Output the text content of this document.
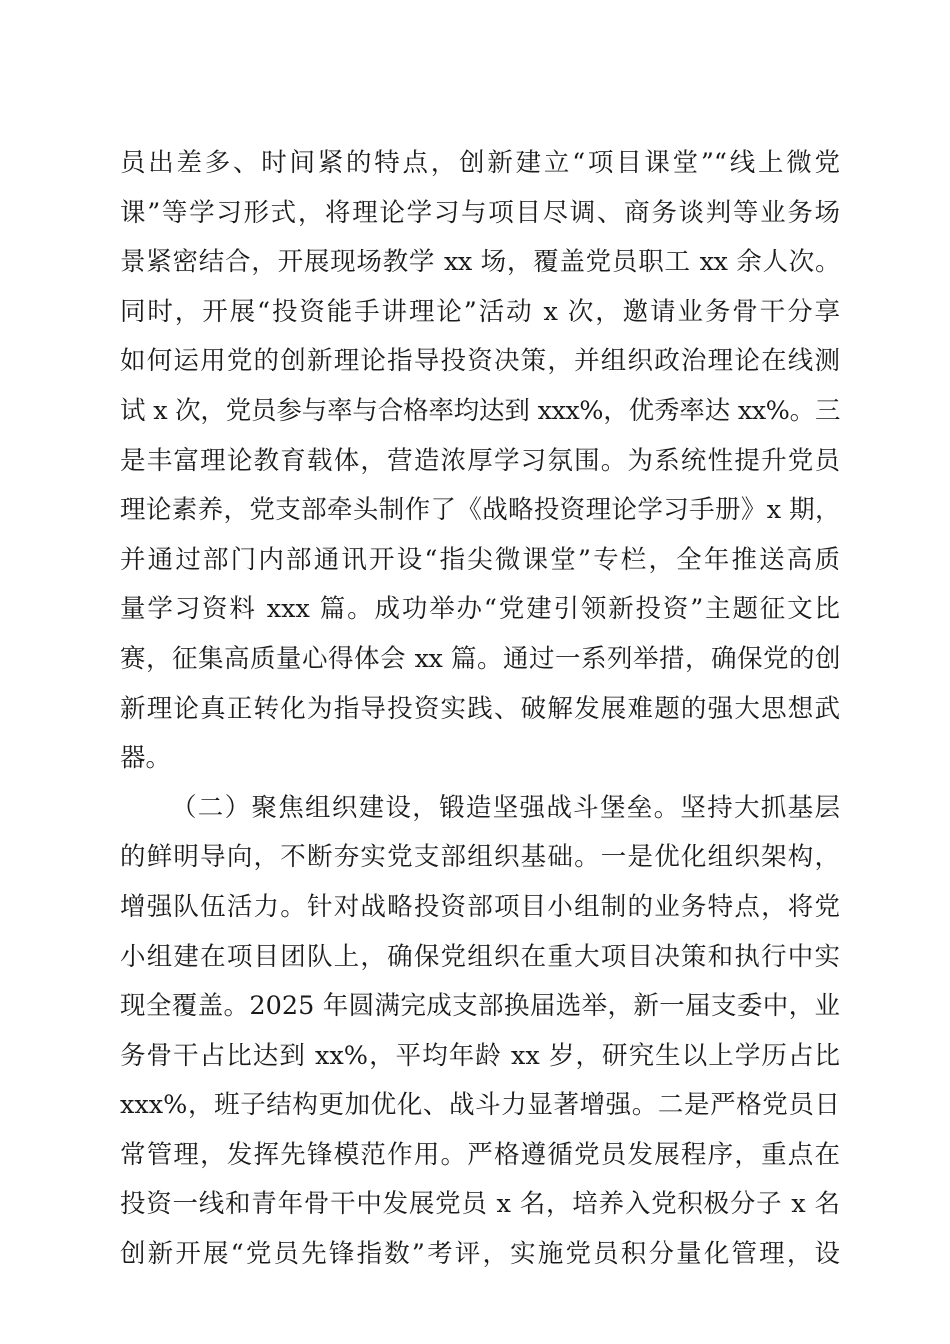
员出差多、时间紧的特点，创新建立“项目课堂”“线上微党
课”等学习形式，将理论学习与项目尽调、商务谈判等业务场
景紧密结合，开展现场教学 xx 场，覆盖党员职工 xx 余人次。
同时，开展“投资能手讲理论”活动 x 次，邀请业务骨干分享
如何运用党的创新理论指导投资决策，并组织政治理论在线测
试 x 次，党员参与率与合格率均达到 xxx%，优秀率达 xx%。三
是丰富理论教育载体，营造浓厚学习氛围。为系统性提升党员
理论素养，党支部牵头制作了《战略投资理论学习手册》x 期，
并通过部门内部通讯开设“指尖微课堂”专栏，全年推送高质
量学习资料 xxx 篇。成功举办“党建引领新投资”主题征文比
赛，征集高质量心得体会 xx 篇。通过一系列举措，确保党的创
新理论真正转化为指导投资实践、破解发展难题的强大思想武
器。
（二）聚焦组织建设，锻造坚强战斗堡垒。坚持大抓基层
的鲜明导向，不断夯实党支部组织基础。一是优化组织架构，
增强队伍活力。针对战略投资部项目小组制的业务特点，将党
小组建在项目团队上，确保党组织在重大项目决策和执行中实
现全覆盖。2025 年圆满完成支部换届选举，新一届支委中，业
务骨干占比达到 xx%，平均年龄 xx 岁，研究生以上学历占比
xxx%，班子结构更加优化、战斗力显著增强。二是严格党员日
常管理，发挥先锋模范作用。严格遵循党员发展程序，重点在
投资一线和青年骨干中发展党员 x 名，培养入党积极分子 x 名
创新开展“党员先锋指数”考评，实施党员积分量化管理，设
